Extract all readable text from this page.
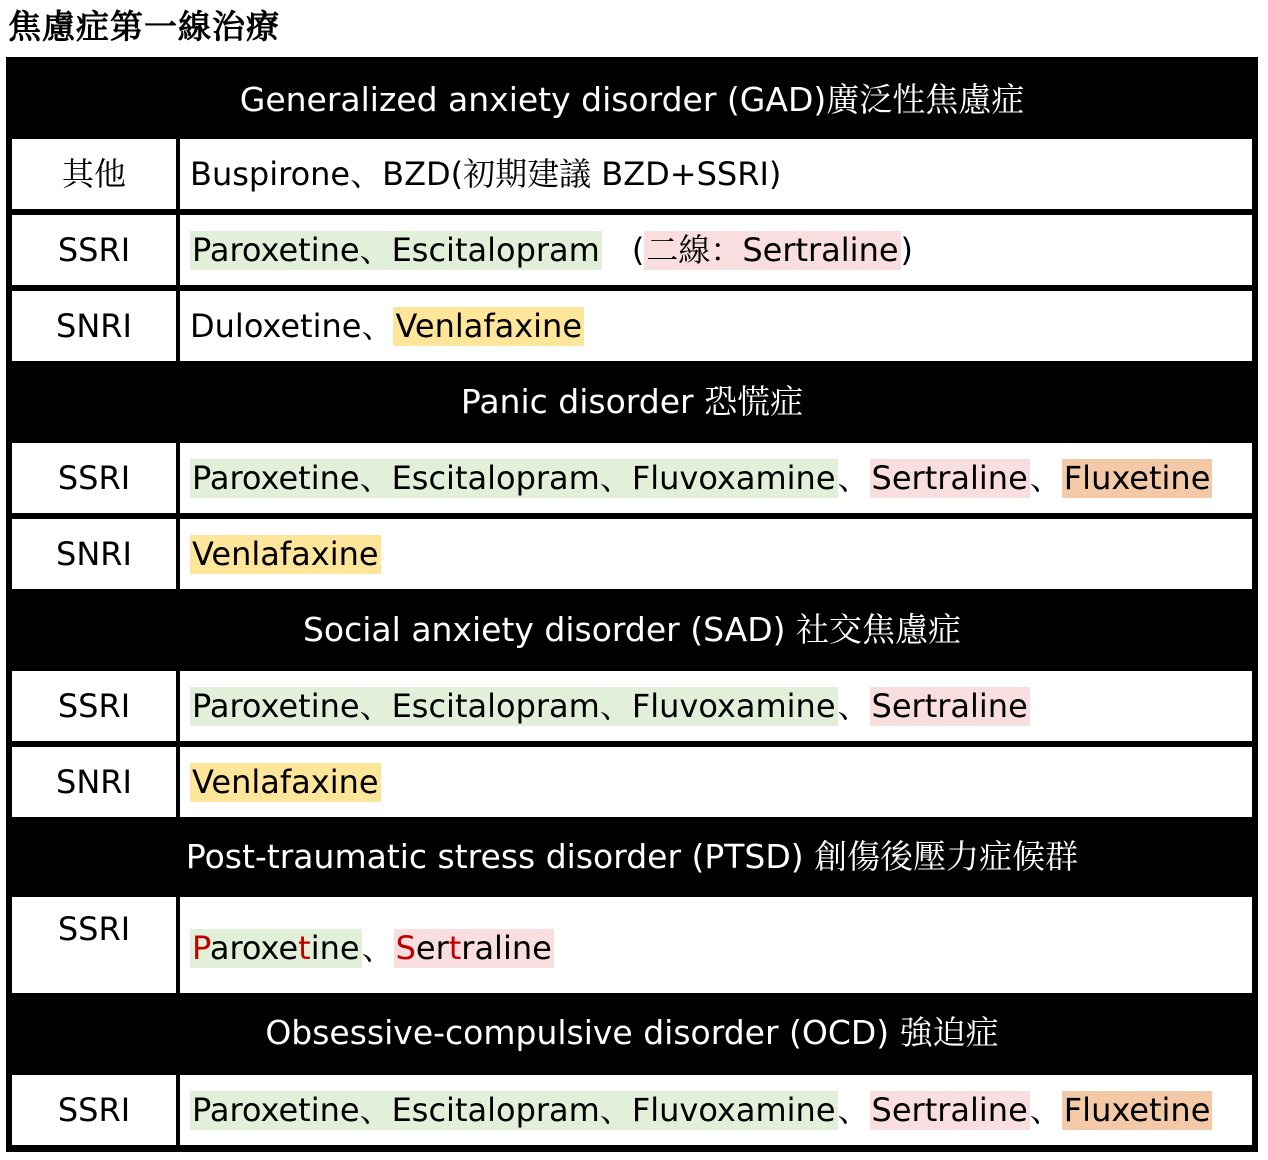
焦慮症第一線治療
Generalized anxiety disorder (GAD)廣泛性焦慮症
其他	Buspirone、BZD(初期建議 BZD+SSRI)
SSRI	Paroxetine、Escitalopram (二線：Sertraline)
SNRI	Duloxetine、Venlafaxine
Panic disorder 恐慌症
SSRI	Paroxetine、Escitalopram、Fluvoxamine、Sertraline、Fluxetine
SNRI	Venlafaxine
Social anxiety disorder (SAD) 社交焦慮症
SSRI	Paroxetine、Escitalopram、Fluvoxamine、Sertraline
SNRI	Venlafaxine
Post-traumatic stress disorder (PTSD) 創傷後壓力症候群
SSRI	Paroxetine、Sertraline
Obsessive-compulsive disorder (OCD) 強迫症
SSRI	Paroxetine、Escitalopram、Fluvoxamine、Sertraline、Fluxetine
